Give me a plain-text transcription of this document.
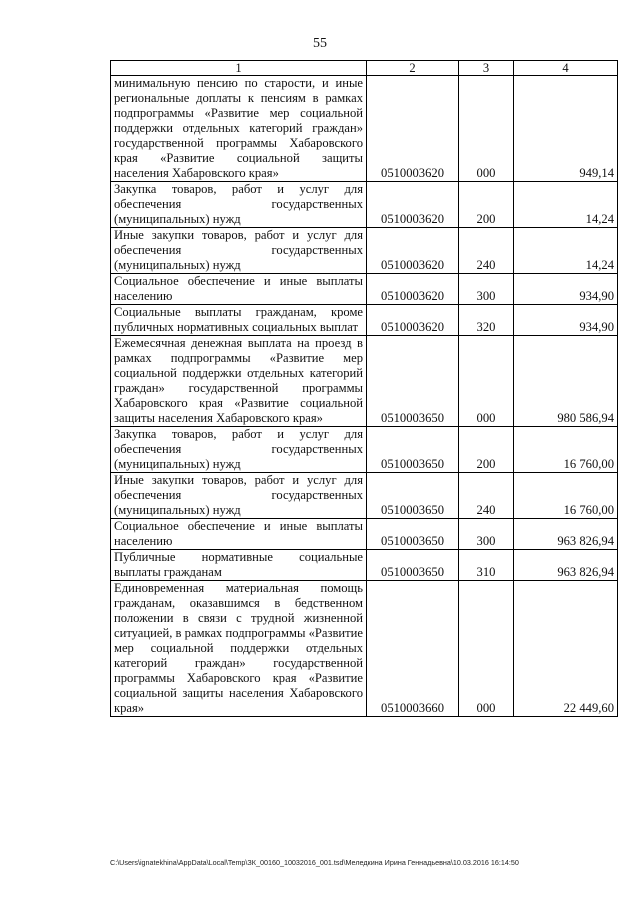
55
1	2	3	4
минимальную пенсию по старости, и иные региональные доплаты к пенсиям в рамках подпрограммы «Развитие мер социальной поддержки отдельных категорий граждан» государственной программы Хабаровского края «Развитие социальной защиты населения Хабаровского края»	0510003620	000	949,14
Закупка товаров, работ и услуг для обеспечения государственных (муниципальных) нужд	0510003620	200	14,24
Иные закупки товаров, работ и услуг для обеспечения государственных (муниципальных) нужд	0510003620	240	14,24
Социальное обеспечение и иные выплаты населению	0510003620	300	934,90
Социальные выплаты гражданам, кроме публичных нормативных социальных выплат	0510003620	320	934,90
Ежемесячная денежная выплата на проезд в рамках подпрограммы «Развитие мер социальной поддержки отдельных категорий граждан» государственной программы Хабаровского края «Развитие социальной защиты населения Хабаровского края»	0510003650	000	980 586,94
Закупка товаров, работ и услуг для обеспечения государственных (муниципальных) нужд	0510003650	200	16 760,00
Иные закупки товаров, работ и услуг для обеспечения государственных (муниципальных) нужд	0510003650	240	16 760,00
Социальное обеспечение и иные выплаты населению	0510003650	300	963 826,94
Публичные нормативные социальные выплаты гражданам	0510003650	310	963 826,94
Единовременная материальная помощь гражданам, оказавшимся в бедственном положении в связи с трудной жизненной ситуацией, в рамках подпрограммы «Развитие мер социальной поддержки отдельных категорий граждан» государственной программы Хабаровского края «Развитие социальной защиты населения Хабаровского края»	0510003660	000	22 449,60
C:\Users\ignatekhina\AppData\Local\Temp\ЗК_00160_10032016_001.tsd\Меледкина Ирина Геннадьевна\10.03.2016 16:14:50
